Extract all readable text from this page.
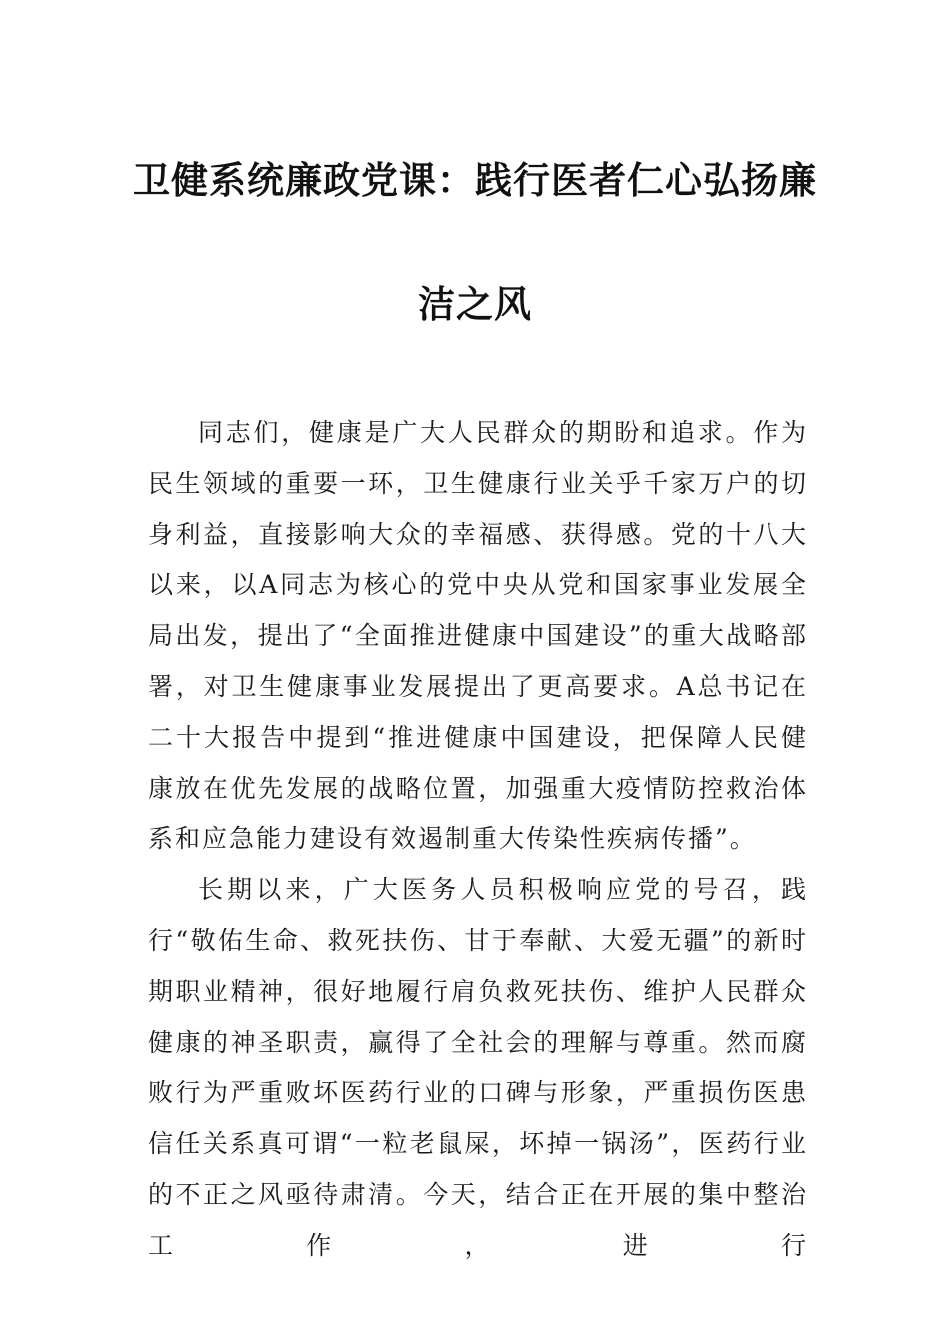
卫健系统廉政党课：践行医者仁心弘扬廉
洁之风

同志们，健康是广大人民群众的期盼和追求。作为民生领域的重要一环，卫生健康行业关乎千家万户的切身利益，直接影响大众的幸福感、获得感。党的十八大以来，以A同志为核心的党中央从党和国家事业发展全局出发，提出了“全面推进健康中国建设”的重大战略部署，对卫生健康事业发展提出了更高要求。A总书记在二十大报告中提到“推进健康中国建设，把保障人民健康放在优先发展的战略位置，加强重大疫情防控救治体系和应急能力建设有效遏制重大传染性疾病传播”。

长期以来，广大医务人员积极响应党的号召，践行“敬佑生命、救死扶伤、甘于奉献、大爱无疆”的新时期职业精神，很好地履行肩负救死扶伤、维护人民群众健康的神圣职责，赢得了全社会的理解与尊重。然而腐败行为严重败坏医药行业的口碑与形象，严重损伤医患信任关系真可谓“一粒老鼠屎，坏掉一锅汤”，医药行业的不正之风亟待肃清。今天，结合正在开展的集中整治工作，进行
